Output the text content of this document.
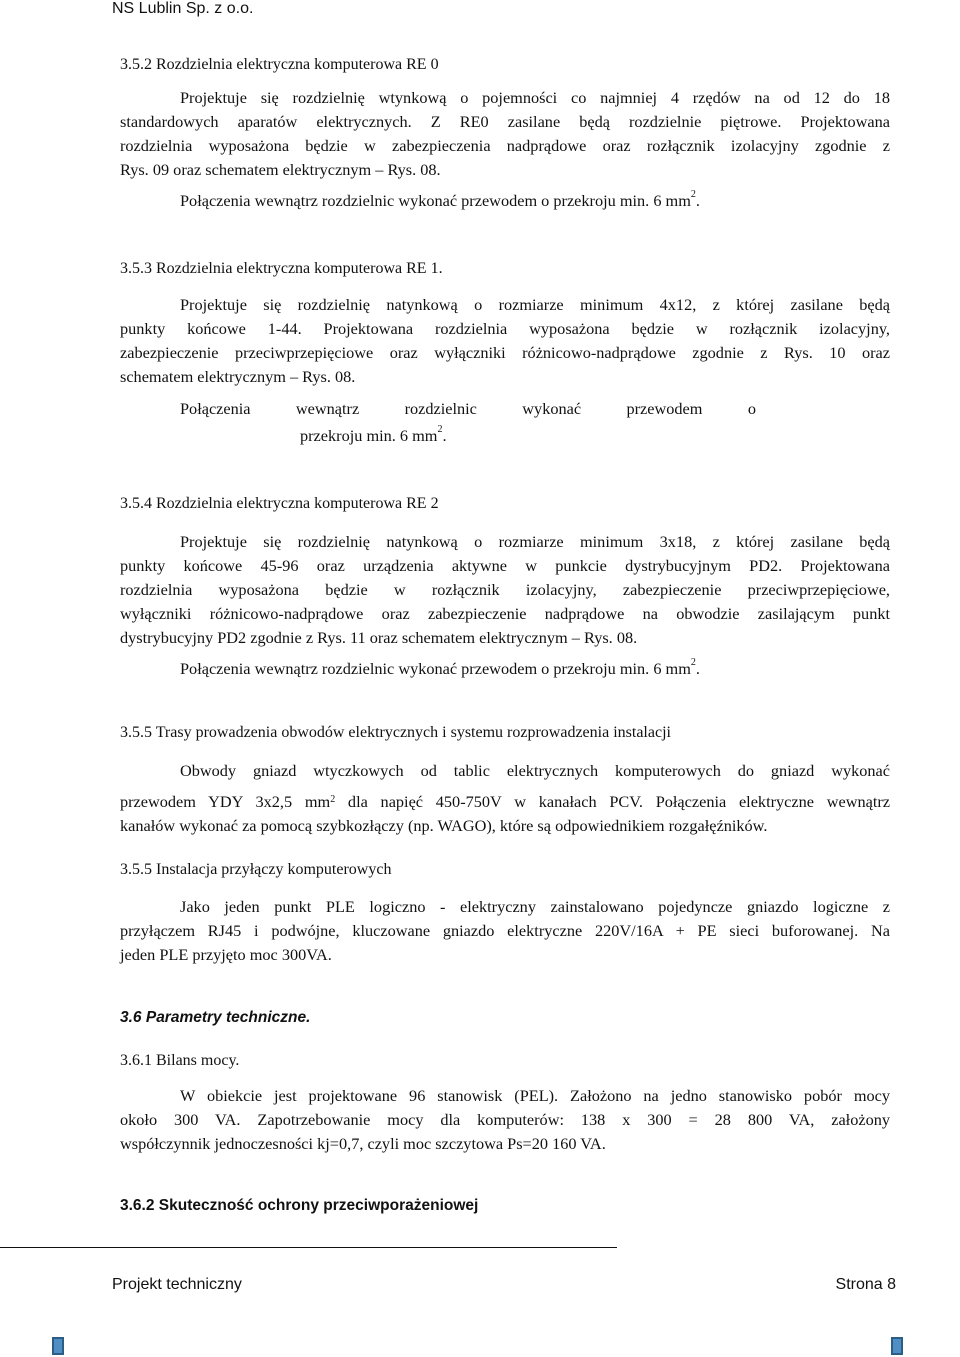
NS Lublin Sp. z o.o.
3.5.2 Rozdzielnia elektryczna komputerowa RE 0
Projektuje się rozdzielnię wtynkową o pojemności co najmniej 4 rzędów na od 12 do 18
standardowych aparatów elektrycznych. Z RE0 zasilane będą rozdzielnie piętrowe. Projektowana
rozdzielnia wyposażona będzie w zabezpieczenia nadprądowe oraz rozłącznik izolacyjny zgodnie z
Rys. 09 oraz schematem elektrycznym – Rys. 08.
Połączenia wewnątrz rozdzielnic wykonać przewodem o przekroju min. 6 $mm^2$.
3.5.3 Rozdzielnia elektryczna komputerowa RE 1.
Projektuje się rozdzielnię natynkową o rozmiarze minimum 4x12, z której zasilane będą
punkty końcowe 1-44. Projektowana rozdzielnia wyposażona będzie w rozłącznik izolacyjny,
zabezpieczenie przeciwprzepięciowe oraz wyłączniki różnicowo-nadprądowe zgodnie z Rys. 10 oraz
schematem elektrycznym – Rys. 08.
Połączenia	wewnątrz	rozdzielnic	wykonać	przewodem	o
przekroju min. 6 $mm^2$.
3.5.4 Rozdzielnia elektryczna komputerowa RE 2
Projektuje się rozdzielnię natynkową o rozmiarze minimum 3x18, z której zasilane będą
punkty końcowe 45-96 oraz urządzenia aktywne w punkcie dystrybucyjnym PD2. Projektowana
rozdzielnia wyposażona będzie w rozłącznik izolacyjny, zabezpieczenie przeciwprzepięciowe,
wyłączniki różnicowo-nadprądowe oraz zabezpieczenie nadprądowe na obwodzie zasilającym punkt
dystrybucyjny PD2 zgodnie z Rys. 11 oraz schematem elektrycznym – Rys. 08.
Połączenia wewnątrz rozdzielnic wykonać przewodem o przekroju min. 6 $mm^2$.
3.5.5 Trasy prowadzenia obwodów elektrycznych i systemu rozprowadzenia instalacji
Obwody gniazd wtyczkowych od tablic elektrycznych komputerowych do gniazd wykonać
przewodem YDY 3x2,5 $mm^2$ dla napięć 450-750V w kanałach PCV. Połączenia elektryczne wewnątrz
kanałów wykonać za pomocą szybkozłączy (np. WAGO), które są odpowiednikiem rozgałęźników.
3.5.5 Instalacja przyłączy komputerowych
Jako jeden punkt PLE logiczno - elektryczny zainstalowano pojedyncze gniazdo logiczne z
przyłączem RJ45 i podwójne, kluczowane gniazdo elektryczne 220V/16A + PE sieci buforowanej. Na
jeden PLE przyjęto moc 300VA.
3.6 Parametry techniczne.
3.6.1 Bilans mocy.
W obiekcie jest projektowane 96 stanowisk (PEL). Założono na jedno stanowisko pobór mocy
około 300 VA. Zapotrzebowanie mocy dla komputerów: 138 x 300 = 28 800 VA, założony
współczynnik jednoczesności kj=0,7, czyli moc szczytowa Ps=20 160 VA.
3.6.2 Skuteczność ochrony przeciwporażeniowej
Projekt techniczny	Strona 8
